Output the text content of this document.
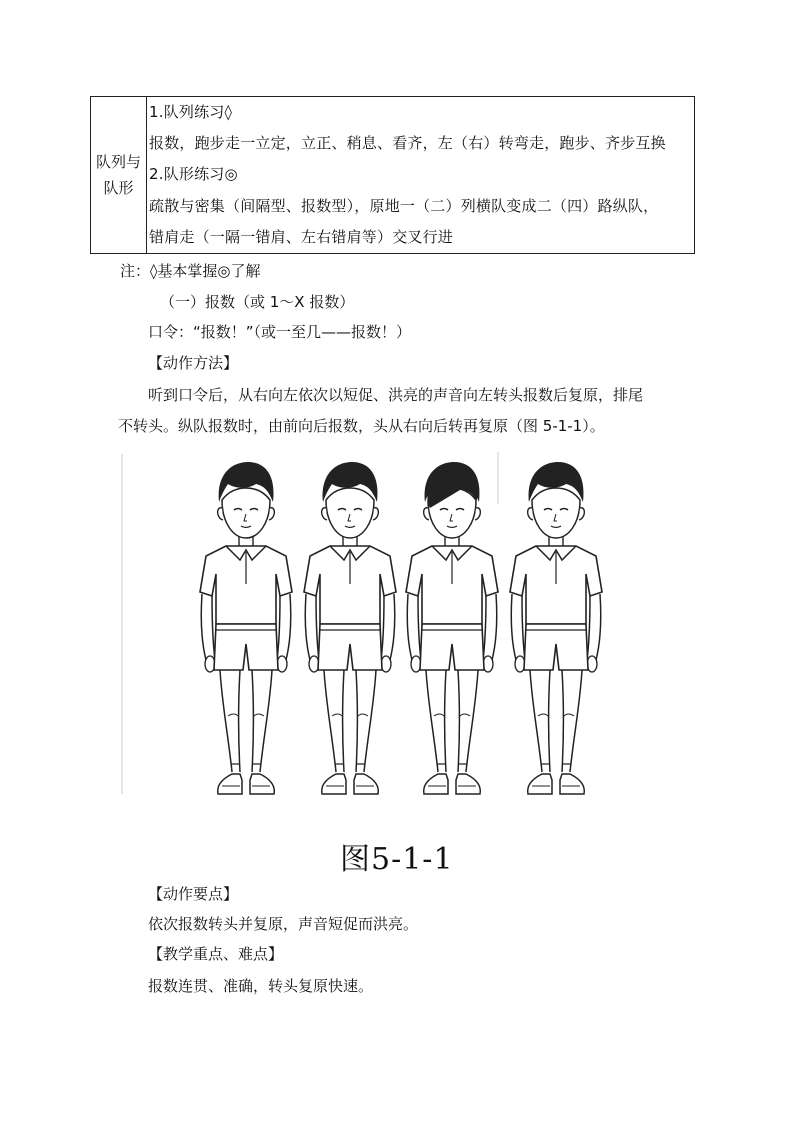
队列与
队形
1.队列练习◊
报数，跑步走一立定，立正、稍息、看齐，左（右）转弯走，跑步、齐步互换
2.队形练习◎
疏散与密集（间隔型、报数型），原地一（二）列横队变成二（四）路纵队，
错肩走（一隔一错肩、左右错肩等）交叉行进
注：◊基本掌握◎了解
（一）报数（或 1～X 报数）
口令：“报数！”（或一至几——报数！）
【动作方法】
听到口令后，从右向左依次以短促、洪亮的声音向左转头报数后复原，排尾
不转头。纵队报数时，由前向后报数，头从右向后转再复原（图 5-1-1）。
图5-1-1
【动作要点】
依次报数转头并复原，声音短促而洪亮。
【教学重点、难点】
报数连贯、准确，转头复原快速。
